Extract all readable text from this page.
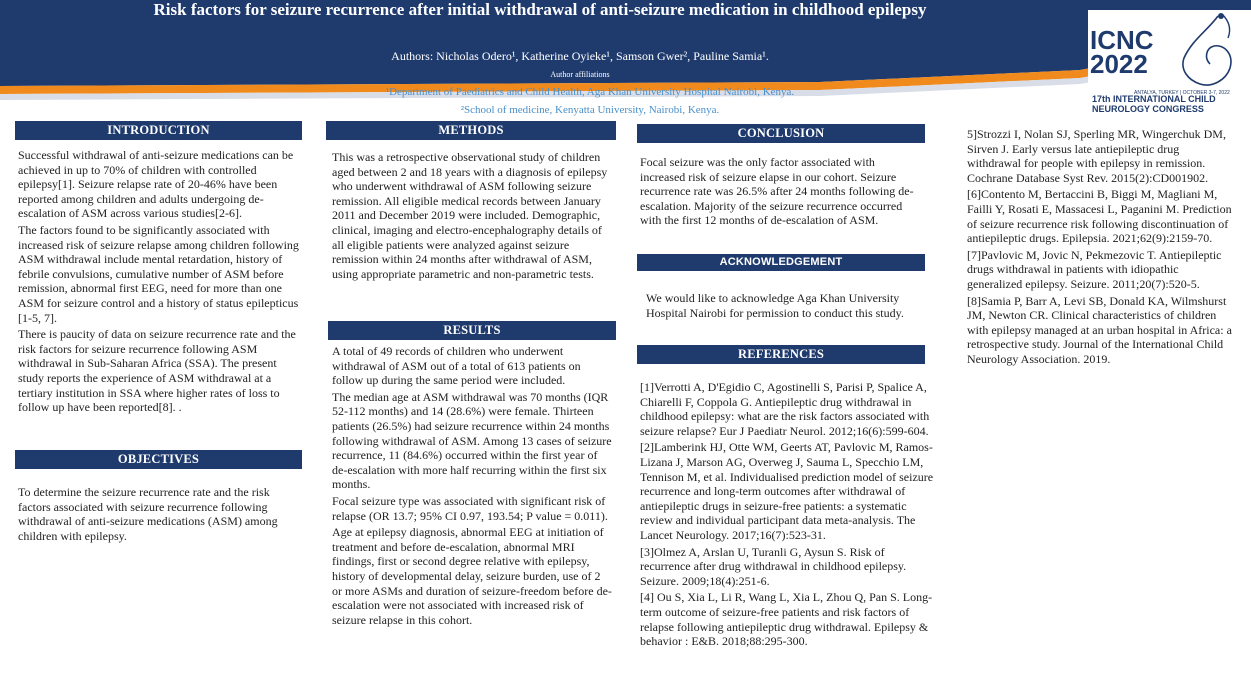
Risk factors for seizure recurrence after initial withdrawal of anti-seizure medication in childhood epilepsy
Authors: Nicholas Odero¹, Katherine Oyieke¹, Samson Gwer², Pauline Samia¹.
Author affiliations
¹Department of Paediatrics and Child Health, Aga Khan University Hospital Nairobi, Kenya.
²School of medicine, Kenyatta University, Nairobi, Kenya.
ICNC
2022
17th INTERNATIONAL CHILD
NEUROLOGY CONGRESS
ANTALYA, TURKEY | OCTOBER 3-7, 2022
INTRODUCTION

Successful withdrawal of anti-seizure medications can be achieved in up to 70% of children with controlled epilepsy[1]. Seizure relapse rate of 20-46% have been reported among children and adults undergoing de-escalation of ASM across various studies[2-6].

The factors found to be significantly associated with increased risk of seizure relapse among children following ASM withdrawal include mental retardation, history of febrile convulsions, cumulative number of ASM before remission, abnormal first EEG, need for more than one ASM for seizure control and a history of status epilepticus [1-5, 7].

There is paucity of data on seizure recurrence rate and the risk factors for seizure recurrence following ASM withdrawal in Sub-Saharan Africa (SSA). The present study reports the experience of ASM withdrawal at a tertiary institution in SSA where higher rates of loss to follow up have been reported[8]. .

OBJECTIVES

To determine the seizure recurrence rate and the risk factors associated with seizure recurrence following withdrawal of anti-seizure medications (ASM) among children with epilepsy.

METHODS

This was a retrospective observational study of children aged between 2 and 18 years with a diagnosis of epilepsy who underwent withdrawal of ASM following seizure remission. All eligible medical records between January 2011 and December 2019 were included. Demographic, clinical, imaging and electro-encephalography details of all eligible patients were analyzed against seizure remission within 24 months after withdrawal of ASM, using appropriate parametric and non-parametric tests.

RESULTS

A total of 49 records of children who underwent withdrawal of ASM out of a total of 613 patients on follow up during the same period were included.

The median age at ASM withdrawal was 70 months (IQR 52-112 months) and 14 (28.6%) were female. Thirteen patients (26.5%) had seizure recurrence within 24 months following withdrawal of ASM. Among 13 cases of seizure recurrence, 11 (84.6%) occurred within the first year of de-escalation with more half recurring within the first six months.

Focal seizure type was associated with significant risk of relapse (OR 13.7; 95% CI 0.97, 193.54; P value = 0.011).

Age at epilepsy diagnosis, abnormal EEG at initiation of treatment and before de-escalation, abnormal MRI findings, first or second degree relative with epilepsy, history of developmental delay, seizure burden, use of 2 or more ASMs and duration of seizure-freedom before de-escalation were not associated with increased risk of seizure relapse in this cohort.

CONCLUSION

Focal seizure was the only factor associated with increased risk of seizure elapse in our cohort. Seizure recurrence rate was 26.5% after 24 months following de-escalation. Majority of the seizure recurrence occurred with the first 12 months of de-escalation of ASM.

ACKNOWLEDGEMENT

We would like to acknowledge Aga Khan University Hospital Nairobi for permission to conduct this study.

REFERENCES

[1]Verrotti A, D'Egidio C, Agostinelli S, Parisi P, Spalice A, Chiarelli F, Coppola G. Antiepileptic drug withdrawal in childhood epilepsy: what are the risk factors associated with seizure relapse? Eur J Paediatr Neurol. 2012;16(6):599-604.

[2]Lamberink HJ, Otte WM, Geerts AT, Pavlovic M, Ramos-Lizana J, Marson AG, Overweg J, Sauma L, Specchio LM, Tennison M, et al. Individualised prediction model of seizure recurrence and long-term outcomes after withdrawal of antiepileptic drugs in seizure-free patients: a systematic review and individual participant data meta-analysis. The Lancet Neurology. 2017;16(7):523-31.

[3]Olmez A, Arslan U, Turanli G, Aysun S. Risk of recurrence after drug withdrawal in childhood epilepsy. Seizure. 2009;18(4):251-6.

[4] Ou S, Xia L, Li R, Wang L, Xia L, Zhou Q, Pan S. Long-term outcome of seizure-free patients and risk factors of relapse following antiepileptic drug withdrawal. Epilepsy & behavior : E&B. 2018;88:295-300.

5]Strozzi I, Nolan SJ, Sperling MR, Wingerchuk DM, Sirven J. Early versus late antiepileptic drug withdrawal for people with epilepsy in remission. Cochrane Database Syst Rev. 2015(2):CD001902.

[6]Contento M, Bertaccini B, Biggi M, Magliani M, Failli Y, Rosati E, Massacesi L, Paganini M. Prediction of seizure recurrence risk following discontinuation of antiepileptic drugs. Epilepsia. 2021;62(9):2159-70.

[7]Pavlovic M, Jovic N, Pekmezovic T. Antiepileptic drugs withdrawal in patients with idiopathic generalized epilepsy. Seizure. 2011;20(7):520-5.

[8]Samia P, Barr A, Levi SB, Donald KA, Wilmshurst JM, Newton CR. Clinical characteristics of children with epilepsy managed at an urban hospital in Africa: a retrospective study. Journal of the International Child Neurology Association. 2019.
